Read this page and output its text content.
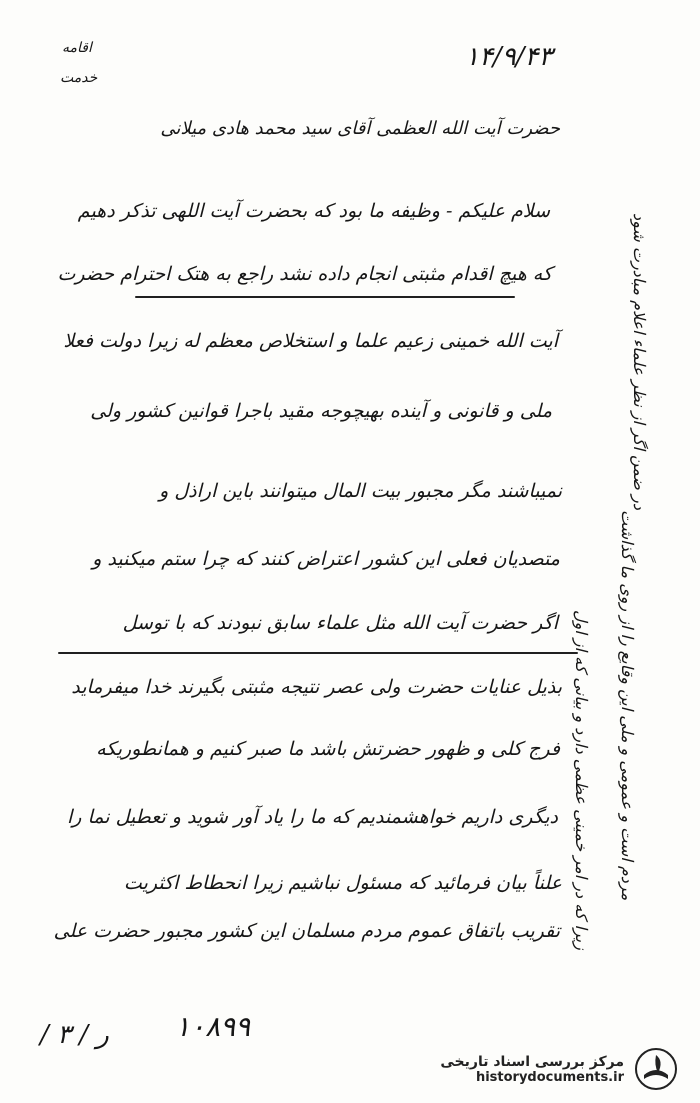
۱۴/۹/۴۳
اقامه
خدمت
حضرت آیت الله العظمی آقای سید محمد هادی میلانی
سلام علیکم - وظیفه ما بود که بحضرت آیت اللهی تذکر دهیم
که هیچ اقدام مثبتی انجام داده نشد راجع به هتک احترام حضرت
آیت الله خمینی زعیم علما و استخلاص معظم له زیرا دولت فعلا
ملی و قانونی و آینده بهیچوجه مقید باجرا قوانین کشور ولی
نمیباشند مگر مجبور بیت المال میتوانند باین اراذل و
متصدیان فعلی این کشور اعتراض کنند که چرا ستم میکنید و
اگر حضرت آیت الله مثل علماء سابق نبودند که با توسل
بذیل عنایات حضرت ولی عصر نتیجه مثبتی بگیرند خدا میفرماید
فرج کلی و ظهور حضرتش باشد ما صبر کنیم و همانطوریکه
دیگری داریم خواهشمندیم که ما را یاد آور شوید و تعطیل نما را
علناً بیان فرمائید که مسئول نباشیم زیرا انحطاط اکثریت
تقریب باتفاق عموم مردم مسلمان این کشور مجبور حضرت علی
در ضمن اگر از نظر علماء اعلام مبادرت شود
زیرا که در امر خمینی عظمی دارد و بیانی که از اول مردم است و عمومی و ملی این وقایع را از روی ما گذاشت
۱۰۸۹۹
ر / ۳ /
مرکز بررسی اسناد تاریخی
historydocuments.ir
